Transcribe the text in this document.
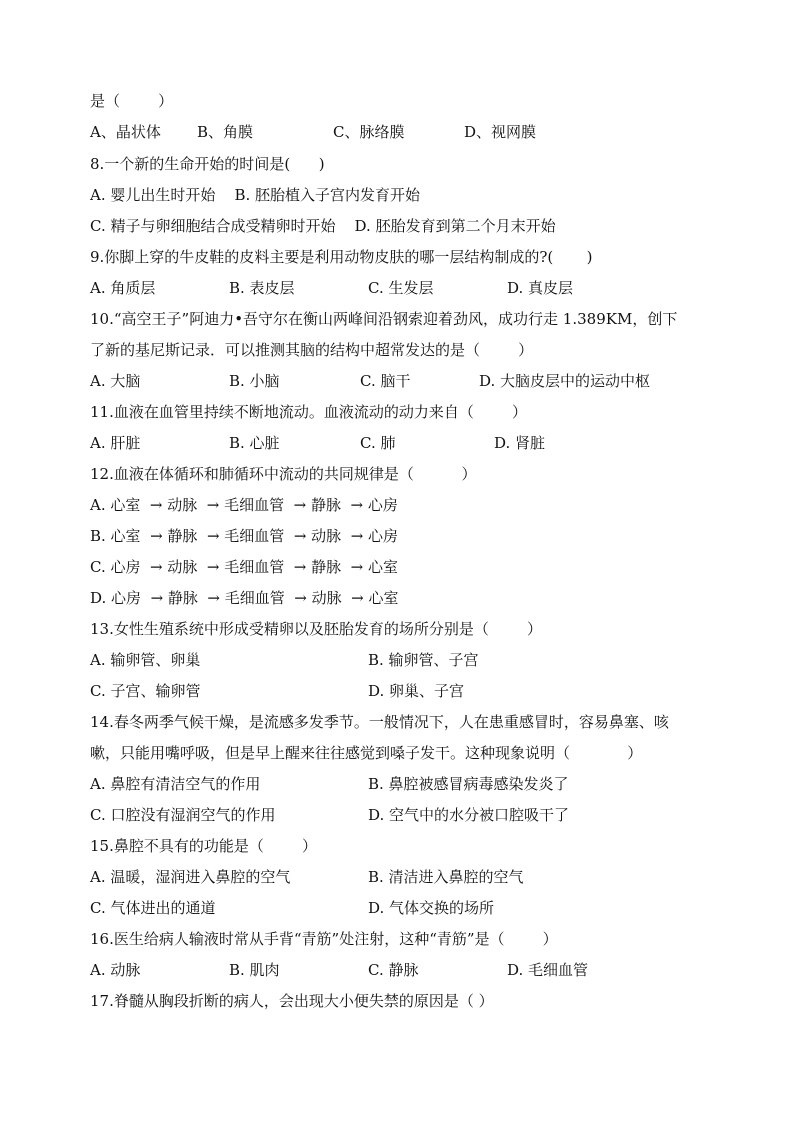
是（        ）
A、晶状体 B、角膜	C、脉络膜	D、视网膜
8.一个新的生命开始的时间是(      )
A. 婴儿出生时开始    B. 胚胎植入子宫内发育开始
C. 精子与卵细胞结合成受精卵时开始    D. 胚胎发育到第二个月末开始
9.你脚上穿的牛皮鞋的皮料主要是利用动物皮肤的哪一层结构制成的?(       )
A. 角质层	B. 表皮层	C. 生发层	D. 真皮层
10.“高空王子”阿迪力•吾守尔在衡山两峰间沿钢索迎着劲风，成功行走 1.389KM，创下
了新的基尼斯记录．可以推测其脑的结构中超常发达的是（        ）
A. 大脑	B. 小脑	C. 脑干	D. 大脑皮层中的运动中枢
11.血液在血管里持续不断地流动。血液流动的动力来自（        ）
A. 肝脏	B. 心脏	C. 肺	D. 肾脏
12.血液在体循环和肺循环中流动的共同规律是（          ）
A. 心室  → 动脉  → 毛细血管  → 静脉  → 心房
B. 心室  → 静脉  → 毛细血管  → 动脉  → 心房
C. 心房  → 动脉  → 毛细血管  → 静脉  → 心室
D. 心房  → 静脉  → 毛细血管  → 动脉  → 心室
13.女性生殖系统中形成受精卵以及胚胎发育的场所分别是（        ）
A. 输卵管、卵巢	B. 输卵管、子宫
C. 子宫、输卵管	D. 卵巢、子宫
14.春冬两季气候干燥，是流感多发季节。一般情况下，人在患重感冒时，容易鼻塞、咳
嗽，只能用嘴呼吸，但是早上醒来往往感觉到嗓子发干。这种现象说明（            ）
A. 鼻腔有清洁空气的作用	B. 鼻腔被感冒病毒感染发炎了
C. 口腔没有湿润空气的作用	D. 空气中的水分被口腔吸干了
15.鼻腔不具有的功能是（        ）
A. 温暖，湿润进入鼻腔的空气	B. 清洁进入鼻腔的空气
C. 气体进出的通道	D. 气体交换的场所
16.医生给病人输液时常从手背“青筋”处注射，这种“青筋”是（        ）
A. 动脉	B. 肌肉	C. 静脉	D. 毛细血管
17.脊髓从胸段折断的病人，会出现大小便失禁的原因是（ ）
